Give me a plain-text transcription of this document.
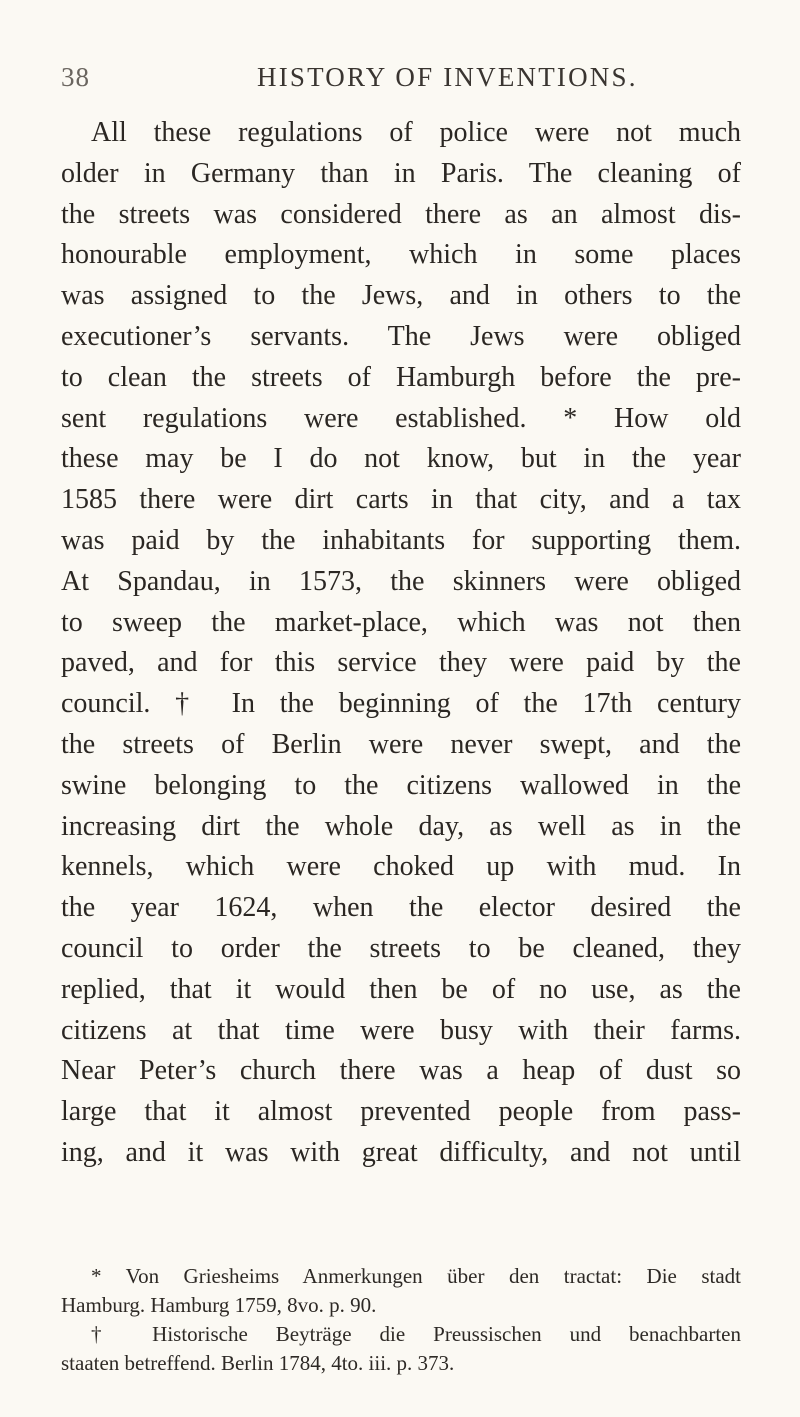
38	HISTORY OF INVENTIONS.
All these regulations of police were not much
older in Germany than in Paris. The cleaning of
the streets was considered there as an almost dis-
honourable employment, which in some places
was assigned to the Jews, and in others to the
executioner’s servants. The Jews were obliged
to clean the streets of Hamburgh before the pre-
sent regulations were established. * How old
these may be I do not know, but in the year
1585 there were dirt carts in that city, and a tax
was paid by the inhabitants for supporting them.
At Spandau, in 1573, the skinners were obliged
to sweep the market-place, which was not then
paved, and for this service they were paid by the
council. † In the beginning of the 17th century
the streets of Berlin were never swept, and the
swine belonging to the citizens wallowed in the
increasing dirt the whole day, as well as in the
kennels, which were choked up with mud. In
the year 1624, when the elector desired the
council to order the streets to be cleaned, they
replied, that it would then be of no use, as the
citizens at that time were busy with their farms.
Near Peter’s church there was a heap of dust so
large that it almost prevented people from pass-
ing, and it was with great difficulty, and not until
* Von Griesheims Anmerkungen über den tractat: Die stadt
Hamburg. Hamburg 1759, 8vo. p. 90.
† Historische Beyträge die Preussischen und benachbarten
staaten betreffend. Berlin 1784, 4to. iii. p. 373.
